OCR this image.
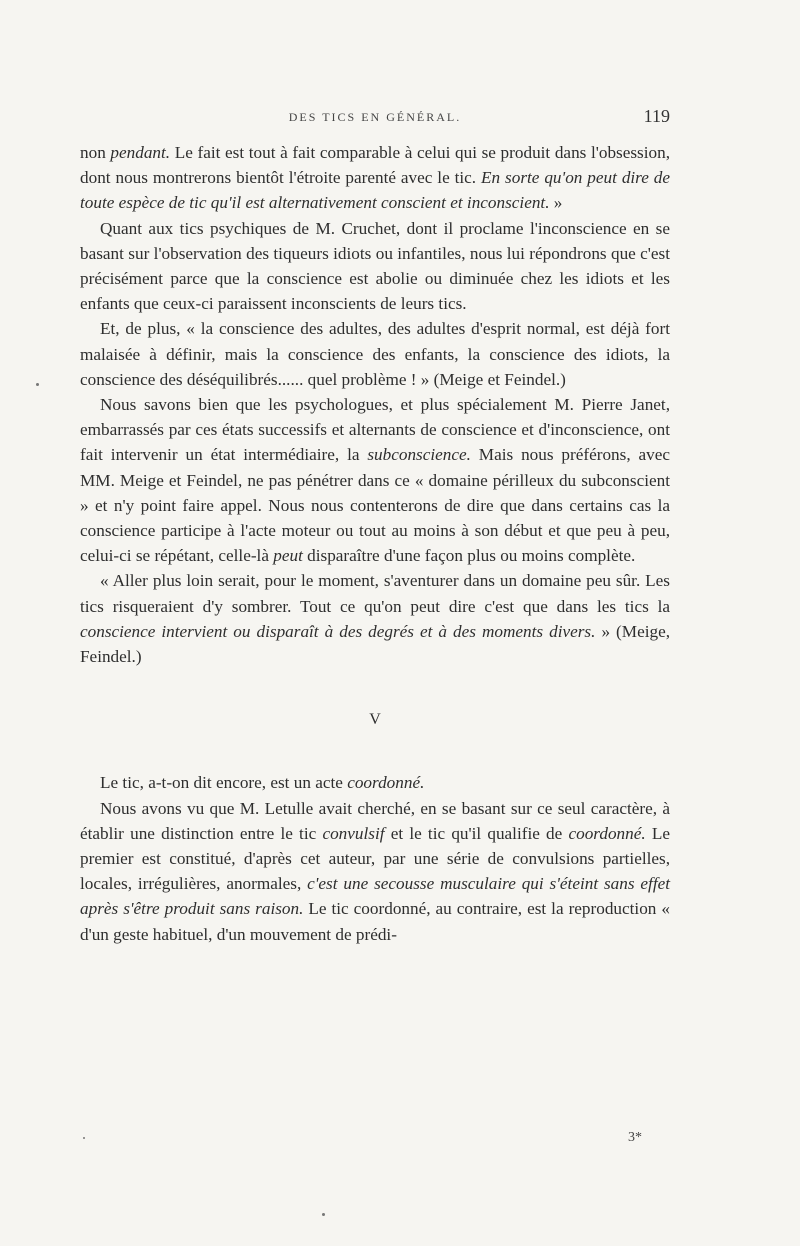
DES TICS EN GÉNÉRAL.	119

non pendant. Le fait est tout à fait comparable à celui qui se produit dans l'obsession, dont nous montrerons bientôt l'étroite parenté avec le tic. En sorte qu'on peut dire de toute espèce de tic qu'il est alternativement conscient et inconscient. »

Quant aux tics psychiques de M. Cruchet, dont il proclame l'inconscience en se basant sur l'observation des tiqueurs idiots ou infantiles, nous lui répondrons que c'est précisément parce que la conscience est abolie ou diminuée chez les idiots et les enfants que ceux-ci paraissent inconscients de leurs tics.

Et, de plus, « la conscience des adultes, des adultes d'esprit normal, est déjà fort malaisée à définir, mais la conscience des enfants, la conscience des idiots, la conscience des déséquilibrés...... quel problème ! » (Meige et Feindel.)

Nous savons bien que les psychologues, et plus spécialement M. Pierre Janet, embarrassés par ces états successifs et alternants de conscience et d'inconscience, ont fait intervenir un état intermédiaire, la subconscience. Mais nous préférons, avec MM. Meige et Feindel, ne pas pénétrer dans ce « domaine périlleux du subconscient » et n'y point faire appel. Nous nous contenterons de dire que dans certains cas la conscience participe à l'acte moteur ou tout au moins à son début et que peu à peu, celui-ci se répétant, celle-là peut disparaître d'une façon plus ou moins complète.

« Aller plus loin serait, pour le moment, s'aventurer dans un domaine peu sûr. Les tics risqueraient d'y sombrer. Tout ce qu'on peut dire c'est que dans les tics la conscience intervient ou disparaît à des degrés et à des moments divers. » (Meige, Feindel.)

V

Le tic, a-t-on dit encore, est un acte coordonné.

Nous avons vu que M. Letulle avait cherché, en se basant sur ce seul caractère, à établir une distinction entre le tic convulsif et le tic qu'il qualifie de coordonné. Le premier est constitué, d'après cet auteur, par une série de convulsions partielles, locales, irrégulières, anormales, c'est une secousse musculaire qui s'éteint sans effet après s'être produit sans raison. Le tic coordonné, au contraire, est la reproduction « d'un geste habituel, d'un mouvement de prédi-

3*
